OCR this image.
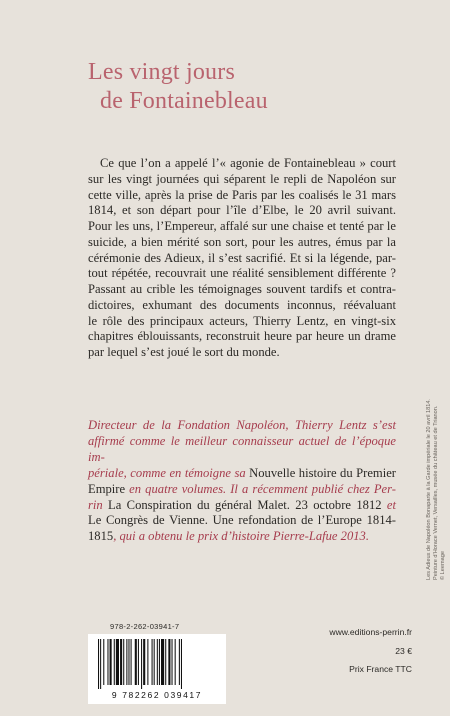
Les vingt jours
de Fontainebleau
Ce que l’on a appelé l’« agonie de Fontainebleau » court
sur les vingt journées qui séparent le repli de Napoléon sur
cette ville, après la prise de Paris par les coalisés le 31 mars
1814, et son départ pour l’île d’Elbe, le 20 avril suivant.
Pour les uns, l’Empereur, affalé sur une chaise et tenté par le
suicide, a bien mérité son sort, pour les autres, émus par la
cérémonie des Adieux, il s’est sacrifié. Et si la légende, par-
tout répétée, recouvrait une réalité sensiblement différente ?
Passant au crible les témoignages souvent tardifs et contra-
dictoires, exhumant des documents inconnus, réévaluant
le rôle des principaux acteurs, Thierry Lentz, en vingt-six
chapitres éblouissants, reconstruit heure par heure un drame
par lequel s’est joué le sort du monde.
Directeur de la Fondation Napoléon, Thierry Lentz s’est
affirmé comme le meilleur connaisseur actuel de l’époque im-
périale, comme en témoigne sa Nouvelle histoire du Premier
Empire en quatre volumes. Il a récemment publié chez Per-
rin La Conspiration du général Malet. 23 octobre 1812 et
Le Congrès de Vienne. Une refondation de l’Europe 1814-
1815, qui a obtenu le prix d’histoire Pierre-Lafue 2013.	Les Adieux de Napoléon Bonaparte à la Garde impériale le 20 avril 1814. Peinture d’Horace Vernet, Versailles, musée du château et de Trianon. © Leemage
978-2-262-03941-7
9 782262 039417
www.editions-perrin.fr
23 €
Prix France TTC
